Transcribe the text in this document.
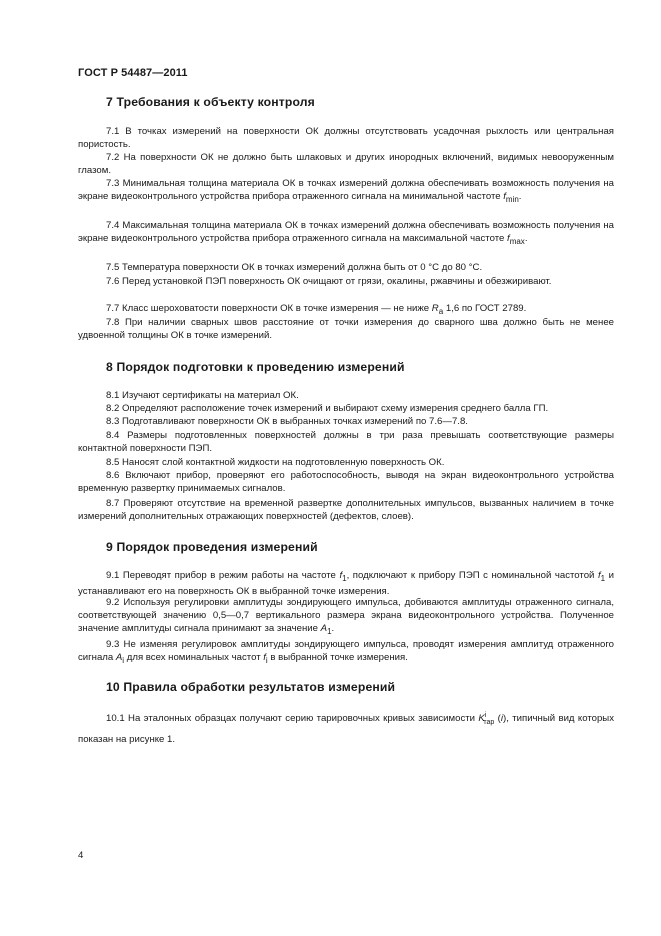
ГОСТ Р 54487—2011
7 Требования к объекту контроля

7.1 В точках измерений на поверхности ОК должны отсутствовать усадочная рыхлость или центральная пористость.

7.2 На поверхности ОК не должно быть шлаковых и других инородных включений, видимых невооруженным глазом.

7.3 Минимальная толщина материала ОК в точках измерений должна обеспечивать возможность получения на экране видеоконтрольного устройства прибора отраженного сигнала на минимальной частоте $f_{min}$.

7.4 Максимальная толщина материала ОК в точках измерений должна обеспечивать возможность получения на экране видеоконтрольного устройства прибора отраженного сигнала на максимальной частоте $f_{max}$.

7.5 Температура поверхности ОК в точках измерений должна быть от 0 °С до 80 °С.

7.6 Перед установкой ПЭП поверхность ОК очищают от грязи, окалины, ржавчины и обезжиривают.

7.7 Класс шероховатости поверхности ОК в точке измерения — не ниже $R_a$ 1,6 по ГОСТ 2789.

7.8 При наличии сварных швов расстояние от точки измерения до сварного шва должно быть не менее удвоенной толщины ОК в точке измерений.

8 Порядок подготовки к проведению измерений

8.1 Изучают сертификаты на материал ОК.

8.2 Определяют расположение точек измерений и выбирают схему измерения среднего балла ГП.

8.3 Подготавливают поверхности ОК в выбранных точках измерений по 7.6—7.8.

8.4 Размеры подготовленных поверхностей должны в три раза превышать соответствующие размеры контактной поверхности ПЭП.

8.5 Наносят слой контактной жидкости на подготовленную поверхность ОК.

8.6 Включают прибор, проверяют его работоспособность, выводя на экран видеоконтрольного устройства временную развертку принимаемых сигналов.

8.7 Проверяют отсутствие на временной развертке дополнительных импульсов, вызванных наличием в точке измерений дополнительных отражающих поверхностей (дефектов, слоев).

9 Порядок проведения измерений

9.1 Переводят прибор в режим работы на частоте $f_1$, подключают к прибору ПЭП с номинальной частотой $f_1$ и устанавливают его на поверхность ОК в выбранной точке измерения.

9.2 Используя регулировки амплитуды зондирующего импульса, добиваются амплитуды отраженного сигнала, соответствующей значению 0,5—0,7 вертикального размера экрана видеоконтрольного устройства. Полученное значение амплитуды сигнала принимают за значение $A_1$.

9.3 Не изменяя регулировок амплитуды зондирующего импульса, проводят измерения амплитуд отраженного сигнала $A_i$ для всех номинальных частот $f_i$ в выбранной точке измерения.

10 Правила обработки результатов измерений

10.1 На эталонных образцах получают серию тарировочных кривых зависимости $K^i_{тар}$ (i), типичный вид которых показан на рисунке 1.

4
